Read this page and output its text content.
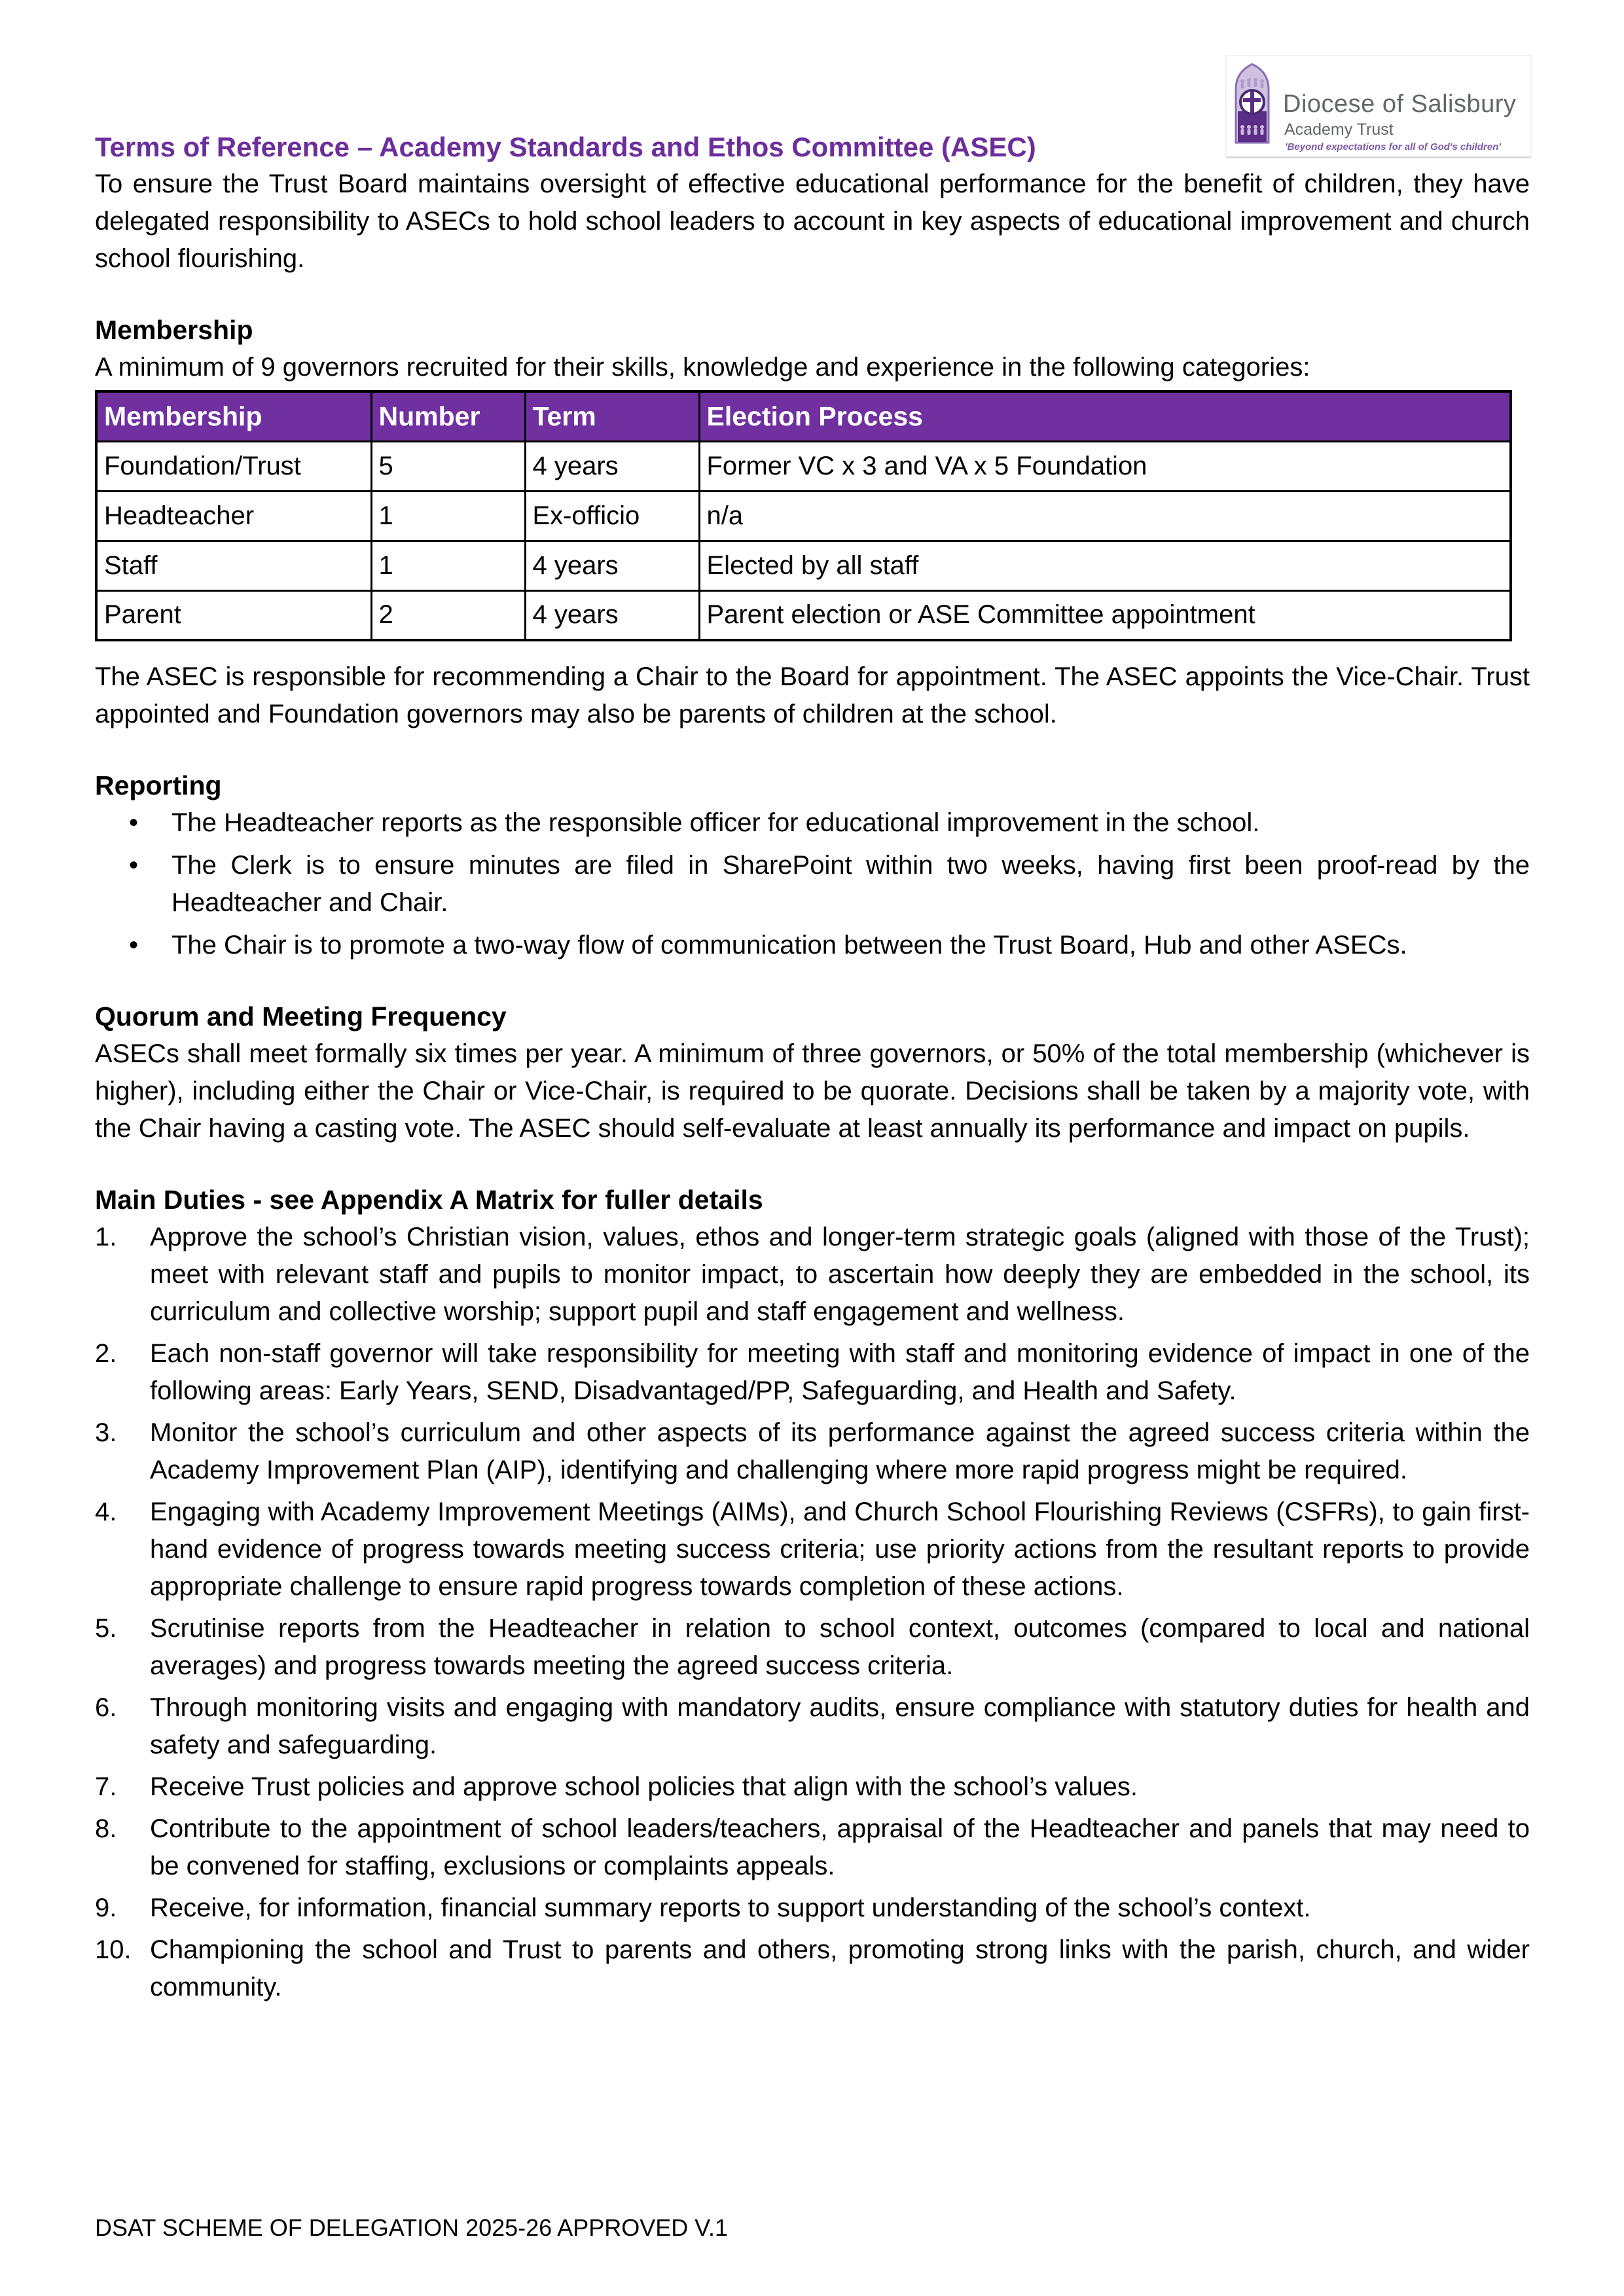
Diocese of Salisbury
Academy Trust
'Beyond expectations for all of God's children'
Terms of Reference – Academy Standards and Ethos Committee (ASEC)

To ensure the Trust Board maintains oversight of effective educational performance for the benefit of children, they have delegated responsibility to ASECs to hold school leaders to account in key aspects of educational improvement and church school flourishing.

Membership

A minimum of 9 governors recruited for their skills, knowledge and experience in the following categories:

Membership	Number	Term	Election Process
Foundation/Trust	5	4 years	Former VC x 3 and VA x 5 Foundation
Headteacher	1	Ex-officio	n/a
Staff	1	4 years	Elected by all staff
Parent	2	4 years	Parent election or ASE Committee appointment

The ASEC is responsible for recommending a Chair to the Board for appointment. The ASEC appoints the Vice-Chair. Trust appointed and Foundation governors may also be parents of children at the school.

Reporting
• The Headteacher reports as the responsible officer for educational improvement in the school.
• The Clerk is to ensure minutes are filed in SharePoint within two weeks, having first been proof-read by the Headteacher and Chair.
• The Chair is to promote a two-way flow of communication between the Trust Board, Hub and other ASECs.
Quorum and Meeting Frequency

ASECs shall meet formally six times per year. A minimum of three governors, or 50% of the total membership (whichever is higher), including either the Chair or Vice-Chair, is required to be quorate. Decisions shall be taken by a majority vote, with the Chair having a casting vote. The ASEC should self-evaluate at least annually its performance and impact on pupils.

Main Duties - see Appendix A Matrix for fuller details
Approve the school’s Christian vision, values, ethos and longer-term strategic goals (aligned with those of the Trust); meet with relevant staff and pupils to monitor impact, to ascertain how deeply they are embedded in the school, its curriculum and collective worship; support pupil and staff engagement and wellness.
Each non-staff governor will take responsibility for meeting with staff and monitoring evidence of impact in one of the following areas: Early Years, SEND, Disadvantaged/PP, Safeguarding, and Health and Safety.
Monitor the school’s curriculum and other aspects of its performance against the agreed success criteria within the Academy Improvement Plan (AIP), identifying and challenging where more rapid progress might be required.
Engaging with Academy Improvement Meetings (AIMs), and Church School Flourishing Reviews (CSFRs), to gain first-hand evidence of progress towards meeting success criteria; use priority actions from the resultant reports to provide appropriate challenge to ensure rapid progress towards completion of these actions.
Scrutinise reports from the Headteacher in relation to school context, outcomes (compared to local and national averages) and progress towards meeting the agreed success criteria.
Through monitoring visits and engaging with mandatory audits, ensure compliance with statutory duties for health and safety and safeguarding.
Receive Trust policies and approve school policies that align with the school’s values.
Contribute to the appointment of school leaders/teachers, appraisal of the Headteacher and panels that may need to be convened for staffing, exclusions or complaints appeals.
Receive, for information, financial summary reports to support understanding of the school’s context.
Championing the school and Trust to parents and others, promoting strong links with the parish, church, and wider community.
DSAT SCHEME OF DELEGATION 2025-26 APPROVED V.1
